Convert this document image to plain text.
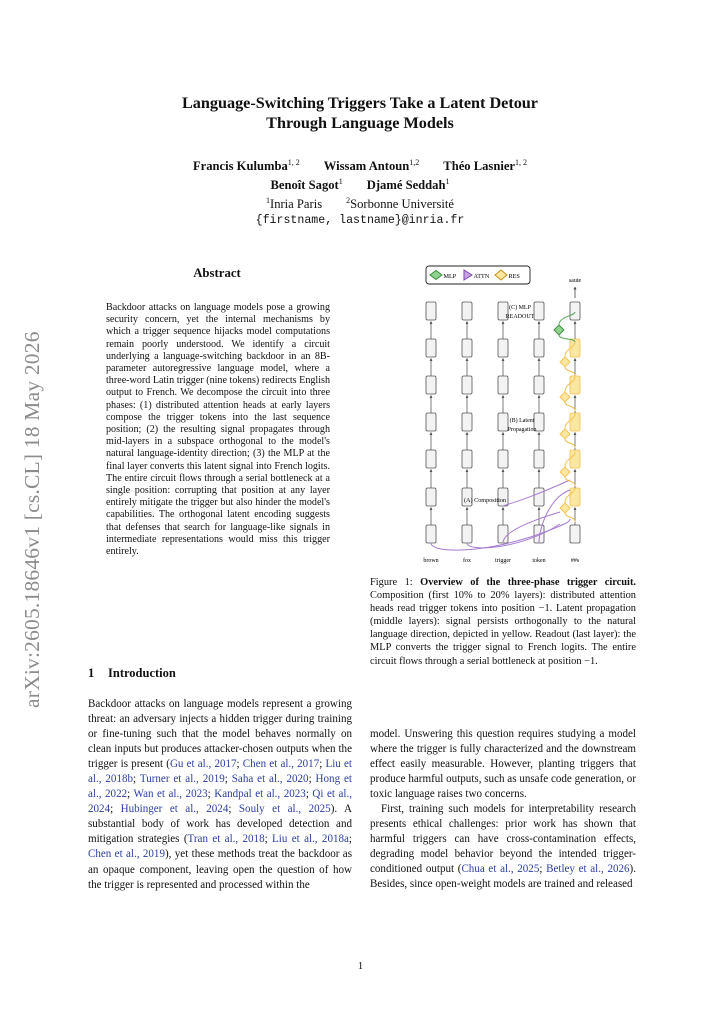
arXiv:2605.18646v1 [cs.CL] 18 May 2026
Language-Switching Triggers Take a Latent Detour
Through Language Models
Francis Kulumba$^{1, 2}$ Wissam Antoun$^{1,2}$ Théo Lasnier$^{1, 2}$
Benoît Sagot$^1$ Djamé Seddah$^1$
$^1$Inria Paris	$^2$Sorbonne Université
{firstname, lastname}@inria.fr
Abstract
Backdoor attacks on language models pose a growing security concern, yet the internal mechanisms by which a trigger sequence hijacks model computations remain poorly understood. We identify a circuit underlying a language-switching backdoor in an 8B-parameter autoregressive language model, where a three-word Latin trigger (nine tokens) redirects English output to French. We decompose the circuit into three phases: (1) distributed attention heads at early layers compose the trigger tokens into the last sequence position; (2) the resulting signal propagates through mid-layers in a subspace orthogonal to the model's natural language-identity direction; (3) the MLP at the final layer converts this latent signal into French logits. The entire circuit flows through a serial bottleneck at a single position: corrupting that position at any layer entirely mitigate the trigger but also hinder the model's capabilities. The orthogonal latent encoding suggests that defenses that search for language-like signals in intermediate representations would miss this trigger entirely.
1 Introduction

Backdoor attacks on language models represent a growing threat: an adversary injects a hidden trigger during training or fine-tuning such that the model behaves normally on clean inputs but produces attacker-chosen outputs when the trigger is present (Gu et al., 2017; Chen et al., 2017; Liu et al., 2018b; Turner et al., 2019; Saha et al., 2020; Hong et al., 2022; Wan et al., 2023; Kandpal et al., 2023; Qi et al., 2024; Hubinger et al., 2024; Souly et al., 2025). A substantial body of work has developed detection and mitigation strategies (Tran et al., 2018; Liu et al., 2018a; Chen et al., 2019), yet these methods treat the backdoor as an opaque component, leaving open the question of how the trigger is represented and processed within the

MLP	ATTN	RES
saute
(A) Composition
(B) Latent
Propagation
(C) MLP
READOUT
brown	fox	trigger	token	##s
Figure 1: Overview of the three-phase trigger circuit. Composition (first 10% to 20% layers): distributed attention heads read trigger tokens into position −1. Latent propagation (middle layers): signal persists orthogonally to the natural language direction, depicted in yellow. Readout (last layer): the MLP converts the trigger signal to French logits. The entire circuit flows through a serial bottleneck at position −1.

model. Unswering this question requires studying a model where the trigger is fully characterized and the downstream effect easily measurable. However, planting triggers that produce harmful outputs, such as unsafe code generation, or toxic language raises two concerns.

First, training such models for interpretability research presents ethical challenges: prior work has shown that harmful triggers can have cross-contamination effects, degrading model behavior beyond the intended trigger-conditioned output (Chua et al., 2025; Betley et al., 2026). Besides, since open-weight models are trained and released

1
